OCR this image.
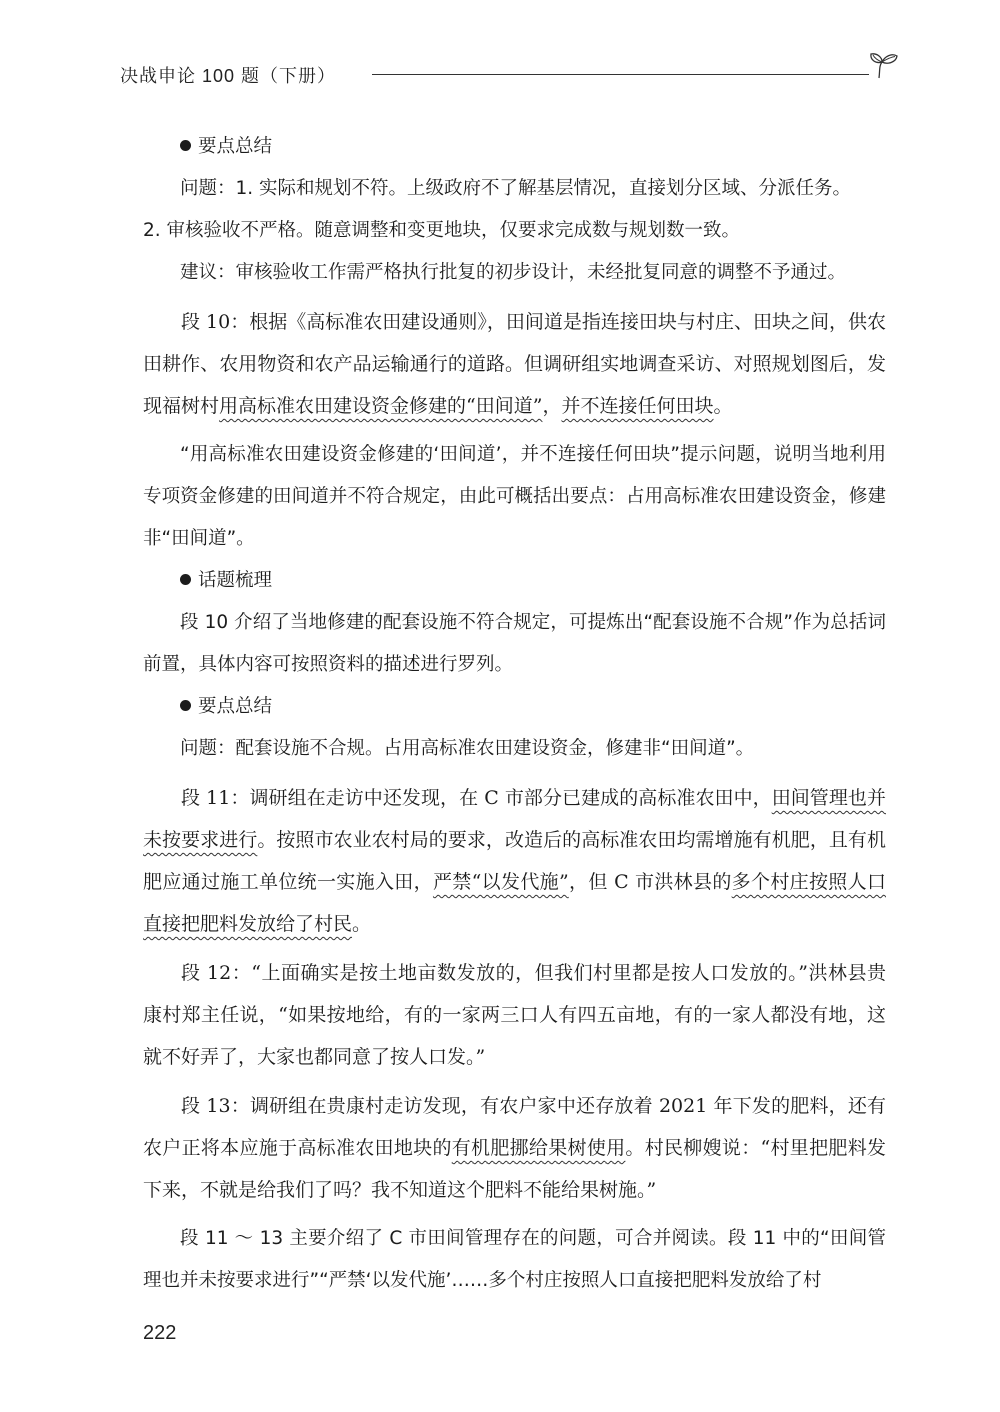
决战申论 100 题（下册）

要点总结

问题：1. 实际和规划不符。上级政府不了解基层情况，直接划分区域、分派任务。

2. 审核验收不严格。随意调整和变更地块，仅要求完成数与规划数一致。

建议：审核验收工作需严格执行批复的初步设计，未经批复同意的调整不予通过。

段 10：根据《高标准农田建设通则》，田间道是指连接田块与村庄、田块之间，供农田耕作、农用物资和农产品运输通行的道路。但调研组实地调查采访、对照规划图后，发现福树村用高标准农田建设资金修建的“田间道”，并不连接任何田块。

“用高标准农田建设资金修建的‘田间道’，并不连接任何田块”提示问题，说明当地利用专项资金修建的田间道并不符合规定，由此可概括出要点：占用高标准农田建设资金，修建非“田间道”。

话题梳理

段 10 介绍了当地修建的配套设施不符合规定，可提炼出“配套设施不合规”作为总括词前置，具体内容可按照资料的描述进行罗列。

要点总结

问题：配套设施不合规。占用高标准农田建设资金，修建非“田间道”。

段 11：调研组在走访中还发现，在 C 市部分已建成的高标准农田中，田间管理也并未按要求进行。按照市农业农村局的要求，改造后的高标准农田均需增施有机肥，且有机肥应通过施工单位统一实施入田，严禁“以发代施”，但 C 市洪林县的多个村庄按照人口直接把肥料发放给了村民。

段 12：“上面确实是按土地亩数发放的，但我们村里都是按人口发放的。”洪林县贵康村郑主任说，“如果按地给，有的一家两三口人有四五亩地，有的一家人都没有地，这就不好弄了，大家也都同意了按人口发。”

段 13：调研组在贵康村走访发现，有农户家中还存放着 2021 年下发的肥料，还有农户正将本应施于高标准农田地块的有机肥挪给果树使用。村民柳嫂说：“村里把肥料发下来，不就是给我们了吗？我不知道这个肥料不能给果树施。”

段 11 ～ 13 主要介绍了 C 市田间管理存在的问题，可合并阅读。段 11 中的“田间管理也并未按要求进行”“严禁‘以发代施’……多个村庄按照人口直接把肥料发放给了村

222
